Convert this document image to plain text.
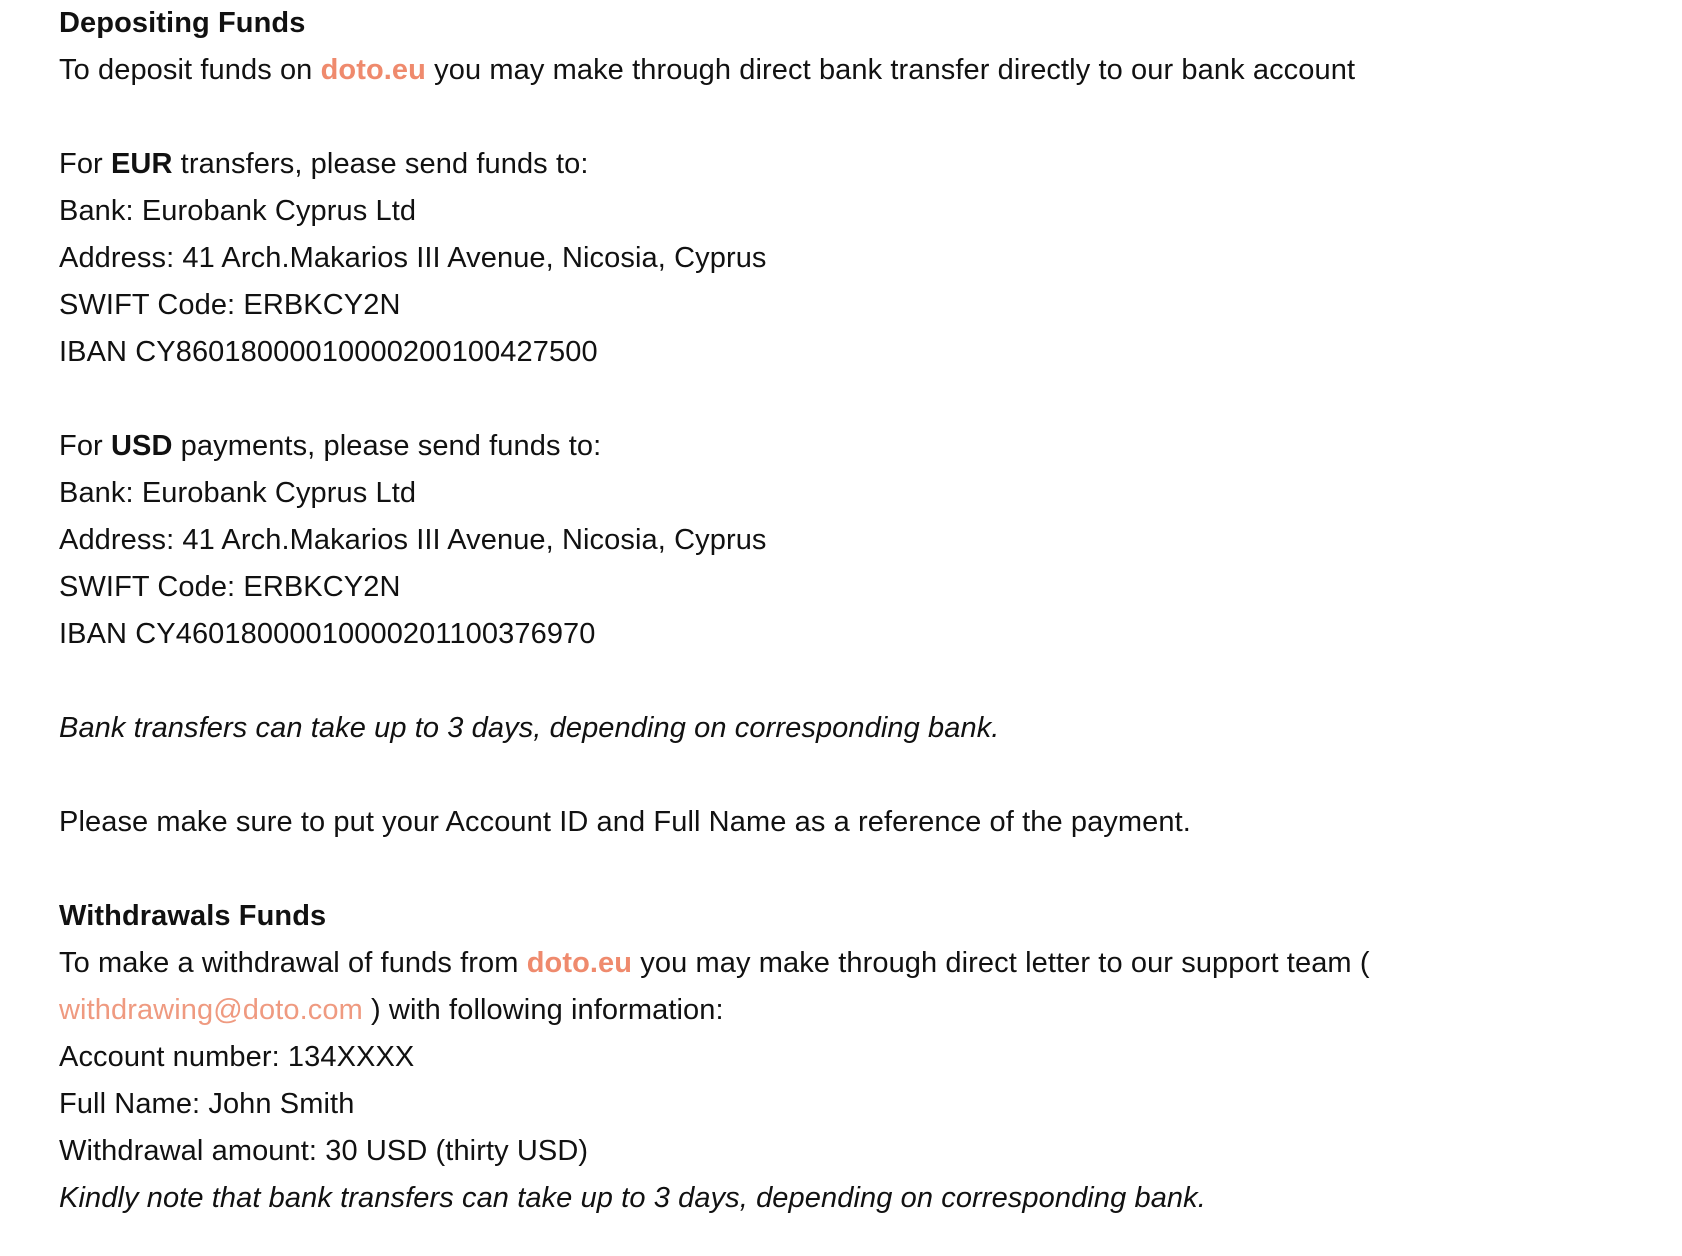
Depositing Funds
To deposit funds on doto.eu you may make through direct bank transfer directly to our bank account
For EUR transfers, please send funds to:
Bank: Eurobank Cyprus Ltd
Address: 41 Arch.Makarios III Avenue, Nicosia, Cyprus
SWIFT Code: ERBKCY2N
IBAN CY86018000010000200100427500
For USD payments, please send funds to:
Bank: Eurobank Cyprus Ltd
Address: 41 Arch.Makarios III Avenue, Nicosia, Cyprus
SWIFT Code: ERBKCY2N
IBAN CY46018000010000201100376970
Bank transfers can take up to 3 days, depending on corresponding bank.
Please make sure to put your Account ID and Full Name as a reference of the payment.
Withdrawals Funds
To make a withdrawal of funds from doto.eu you may make through direct letter to our support team (
withdrawing@doto.com ) with following information:
Account number: 134XXXX
Full Name: John Smith
Withdrawal amount: 30 USD (thirty USD)
Kindly note that bank transfers can take up to 3 days, depending on corresponding bank.
